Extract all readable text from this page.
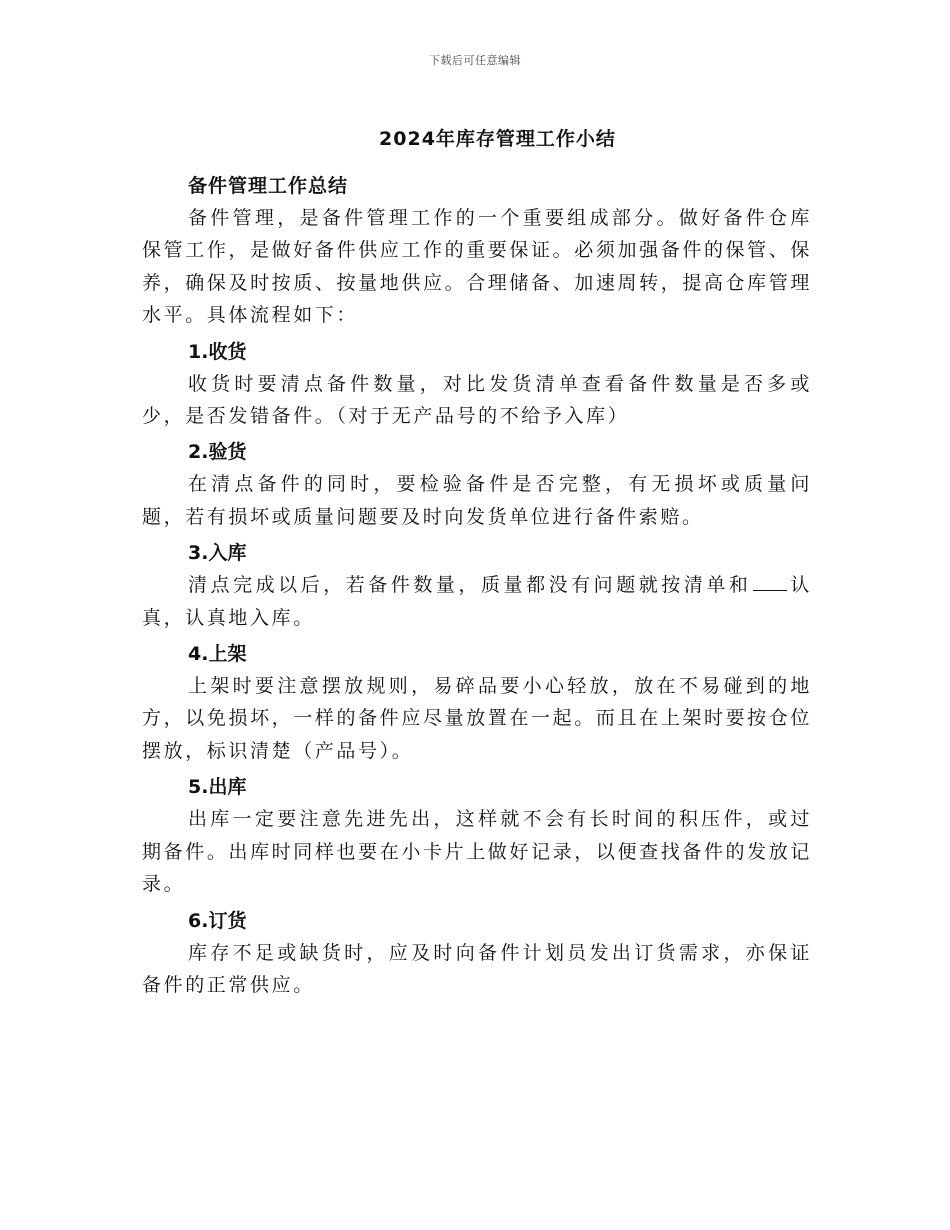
下载后可任意编辑
2024年库存管理工作小结
备件管理工作总结

备件管理，是备件管理工作的一个重要组成部分。做好备件仓库保管工作，是做好备件供应工作的重要保证。必须加强备件的保管、保养，确保及时按质、按量地供应。合理储备、加速周转，提高仓库管理水平。具体流程如下：

1.收货

收货时要清点备件数量，对比发货清单查看备件数量是否多或少，是否发错备件。（对于无产品号的不给予入库）

2.验货

在清点备件的同时，要检验备件是否完整，有无损坏或质量问题，若有损坏或质量问题要及时向发货单位进行备件索赔。

3.入库

清点完成以后，若备件数量，质量都没有问题就按清单和 认真，认真地入库。

4.上架

上架时要注意摆放规则，易碎品要小心轻放，放在不易碰到的地方，以免损坏，一样的备件应尽量放置在一起。而且在上架时要按仓位摆放，标识清楚（产品号）。

5.出库

出库一定要注意先进先出，这样就不会有长时间的积压件，或过期备件。出库时同样也要在小卡片上做好记录，以便查找备件的发放记录。

6.订货

库存不足或缺货时，应及时向备件计划员发出订货需求，亦保证备件的正常供应。
